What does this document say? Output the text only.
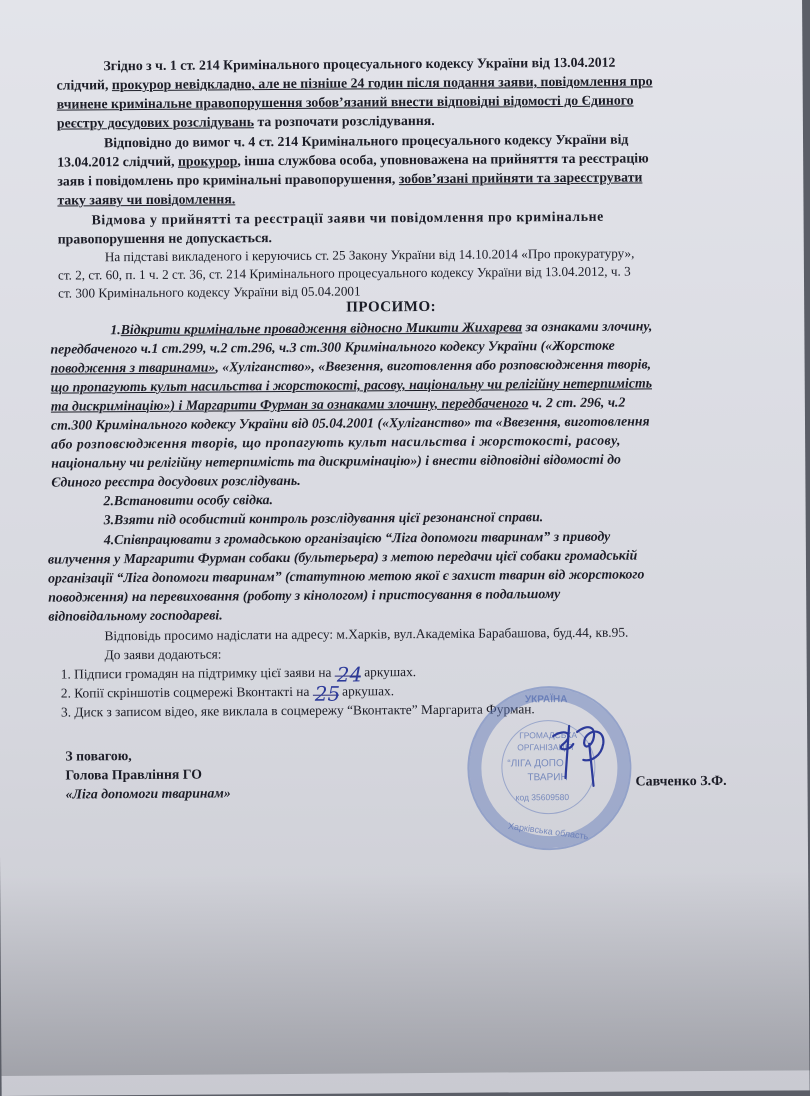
Згідно з ч. 1 ст. 214 Кримінального процесуального кодексу України від 13.04.2012
слідчий, прокурор невідкладно, але не пізніше 24 годин після подання заяви, повідомлення про
вчинене кримінальне правопорушення зобов’язаний внести відповідні відомості до Єдиного
реєстру досудових розслідувань та розпочати розслідування.
Відповідно до вимог ч. 4 ст. 214 Кримінального процесуального кодексу України від
13.04.2012 слідчий, прокурор, інша службова особа, уповноважена на прийняття та реєстрацію
заяв і повідомлень про кримінальні правопорушення, зобов’язані прийняти та зареєструвати
таку заяву чи повідомлення.
Відмова у прийнятті та реєстрації заяви чи повідомлення про кримінальне
правопорушення не допускається.
На підставі викладеного і керуючись ст. 25 Закону України від 14.10.2014 «Про прокуратуру»,
ст. 2, ст. 60, п. 1 ч. 2 ст. 36, ст. 214 Кримінального процесуального кодексу України від 13.04.2012, ч. 3
ст. 300 Кримінального кодексу України від 05.04.2001
ПРОСИМО:
1.Відкрити кримінальне провадження відносно Микити Жихарева за ознаками злочину,
передбаченого ч.1 ст.299, ч.2 ст.296, ч.3 ст.300 Кримінального кодексу України («Жорстоке
поводження з тваринами», «Хуліганство», «Ввезення, виготовлення або розповсюдження творів,
що пропагують культ насильства і жорстокості, расову, національну чи релігійну нетерпимість
та дискримінацію») і Маргарити Фурман за ознаками злочину, передбаченого ч. 2 ст. 296, ч.2
ст.300 Кримінального кодексу України від 05.04.2001 («Хуліганство» та «Ввезення, виготовлення
або розповсюдження творів, що пропагують культ насильства і жорстокості, расову,
національну чи релігійну нетерпимість та дискримінацію») і внести відповідні відомості до
Єдиного реєстра досудових розслідувань.
2.Встановити особу свідка.
3.Взяти під особистий контроль розслідування цієї резонансної справи.
4.Співпрацювати з громадською організацією “Ліга допомоги тваринам” з приводу
вилучення у Маргарити Фурман собаки (бультерьера) з метою передачи цієї собаки громадській
організації “Ліга допомоги тваринам” (статутною метою якої є захист тварин від жорстокого
поводження) на перевиховання (роботу з кінологом) і пристосування в подальшому
відповідальному господареві.
Відповідь просимо надіслати на адресу: м.Харків, вул.Академіка Барабашова, буд.44, кв.95.
До заяви додаються:
1. Підписи громадян на підтримку цієї заяви на 24 аркушах.
2. Копії скріншотів соцмережі Вконтакті на 25 аркушах.
3. Диск з записом відео, яке виклала в соцмережу “Вконтакте” Маргарита Фурман.
З повагою,
Голова Правління ГО
«Ліга допомоги тваринам»
Савченко З.Ф.
УКРАЇНА
ГРОМАДСЬКА
ОРГАНІЗАЦІЯ
“ЛІГА ДОПО
ТВАРИН
код 35609580
Харківська область
